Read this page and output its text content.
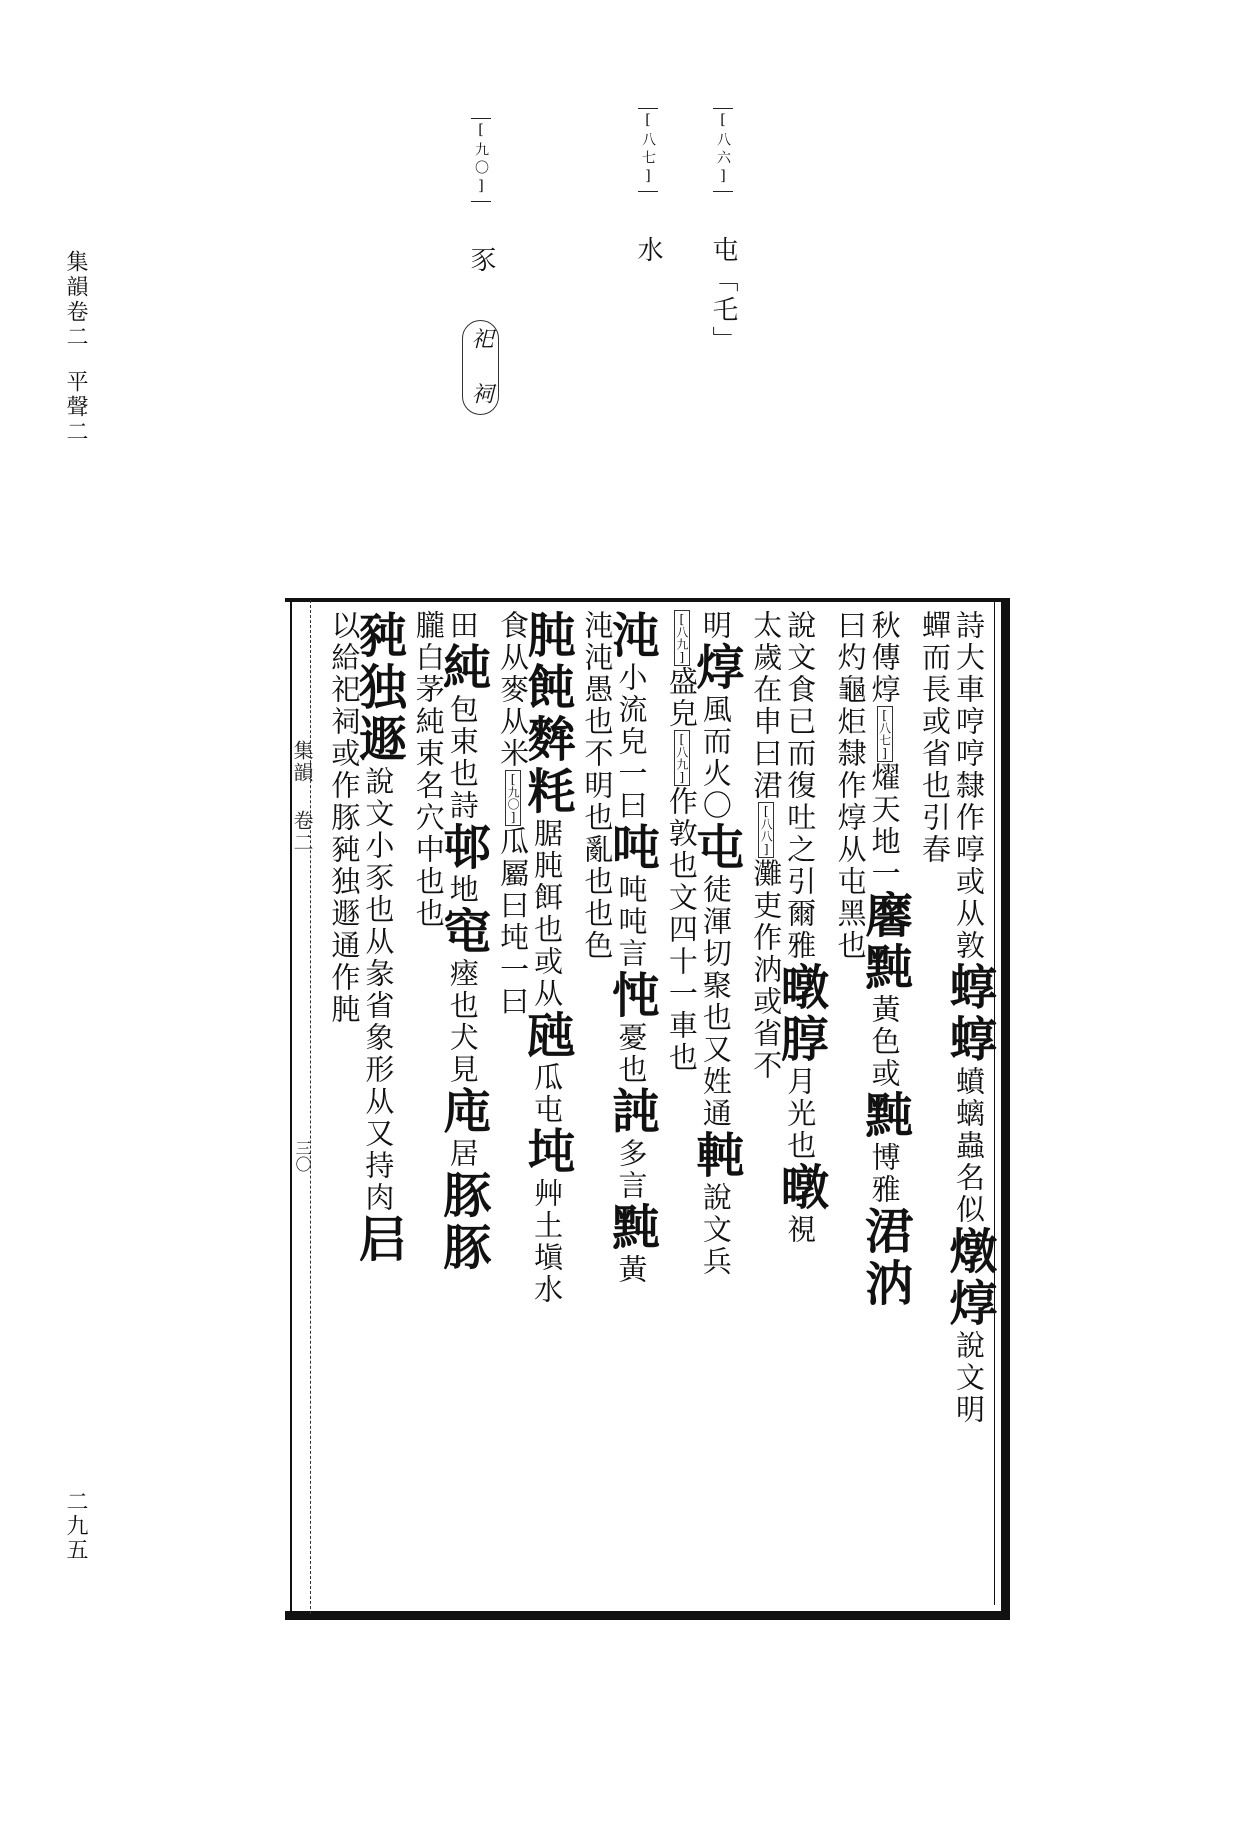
集韻卷二平聲二
二九五
[八六] 屯「乇」
[八七] 水
[九〇] 豕
祀 祠
集韻 卷二
三〇
詩大車哼哼隸作啍或从敦蜳蜳蟦螭蟲名似燉焞說文明
蟬而長或省也引春
秋傳焞[八七]燿天地一黁黗黃色或黗博雅涒汭
曰灼龜炬隸作焞从屯黑也
說文食已而復吐之引爾雅暾朜月光也暾視
太歲在申曰涒[八八]灘吏作汭或省不
明焞風而火〇屯徒渾切聚也又姓通軘說文兵
[八九]盛皃[八九]作敦也文四十一車也
沌小流皃一曰吨吨吨言忳憂也訰多言黗黃
沌沌愚也不明也亂也也色
肫飩麰粍腒肫餌也或从瓲瓜屯坉艸土塡水
食从麥从米[九〇]瓜屬曰坉一曰
田純包束也詩邨地窀瘞也犬見庉居豚豚
朧白茅純束名穴中也也
豘独遯說文小豕也从彖省象形从又持肉𡰪
以給祀祠或作豚豘独遯通作肫
